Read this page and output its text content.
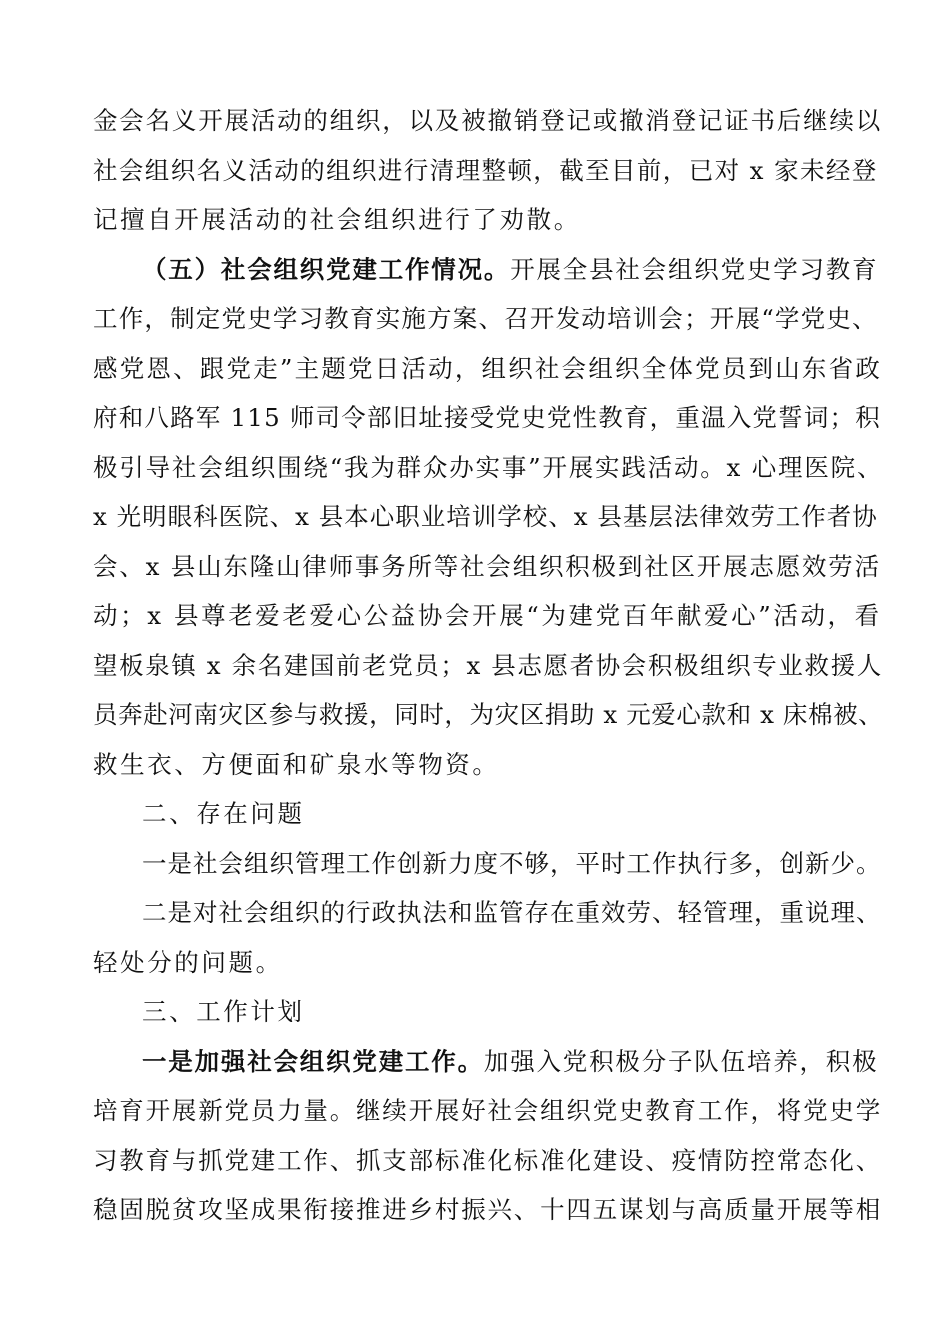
金会名义开展活动的组织，以及被撤销登记或撤消登记证书后继续以
社会组织名义活动的组织进行清理整顿，截至目前，已对 x 家未经登
记擅自开展活动的社会组织进行了劝散。
（五）社会组织党建工作情况。开展全县社会组织党史学习教育
工作，制定党史学习教育实施方案、召开发动培训会；开展“学党史、
感党恩、跟党走”主题党日活动，组织社会组织全体党员到山东省政
府和八路军 115 师司令部旧址接受党史党性教育，重温入党誓词；积
极引导社会组织围绕“我为群众办实事”开展实践活动。x 心理医院、
x 光明眼科医院、x 县本心职业培训学校、x 县基层法律效劳工作者协
会、x 县山东隆山律师事务所等社会组织积极到社区开展志愿效劳活
动；x 县尊老爱老爱心公益协会开展“为建党百年献爱心”活动，看
望板泉镇 x 余名建国前老党员；x 县志愿者协会积极组织专业救援人
员奔赴河南灾区参与救援，同时，为灾区捐助 x 元爱心款和 x 床棉被、
救生衣、方便面和矿泉水等物资。
二、存在问题
一是社会组织管理工作创新力度不够，平时工作执行多，创新少。
二是对社会组织的行政执法和监管存在重效劳、轻管理，重说理、
轻处分的问题。
三、工作计划
一是加强社会组织党建工作。加强入党积极分子队伍培养，积极
培育开展新党员力量。继续开展好社会组织党史教育工作，将党史学
习教育与抓党建工作、抓支部标准化标准化建设、疫情防控常态化、
稳固脱贫攻坚成果衔接推进乡村振兴、十四五谋划与高质量开展等相
